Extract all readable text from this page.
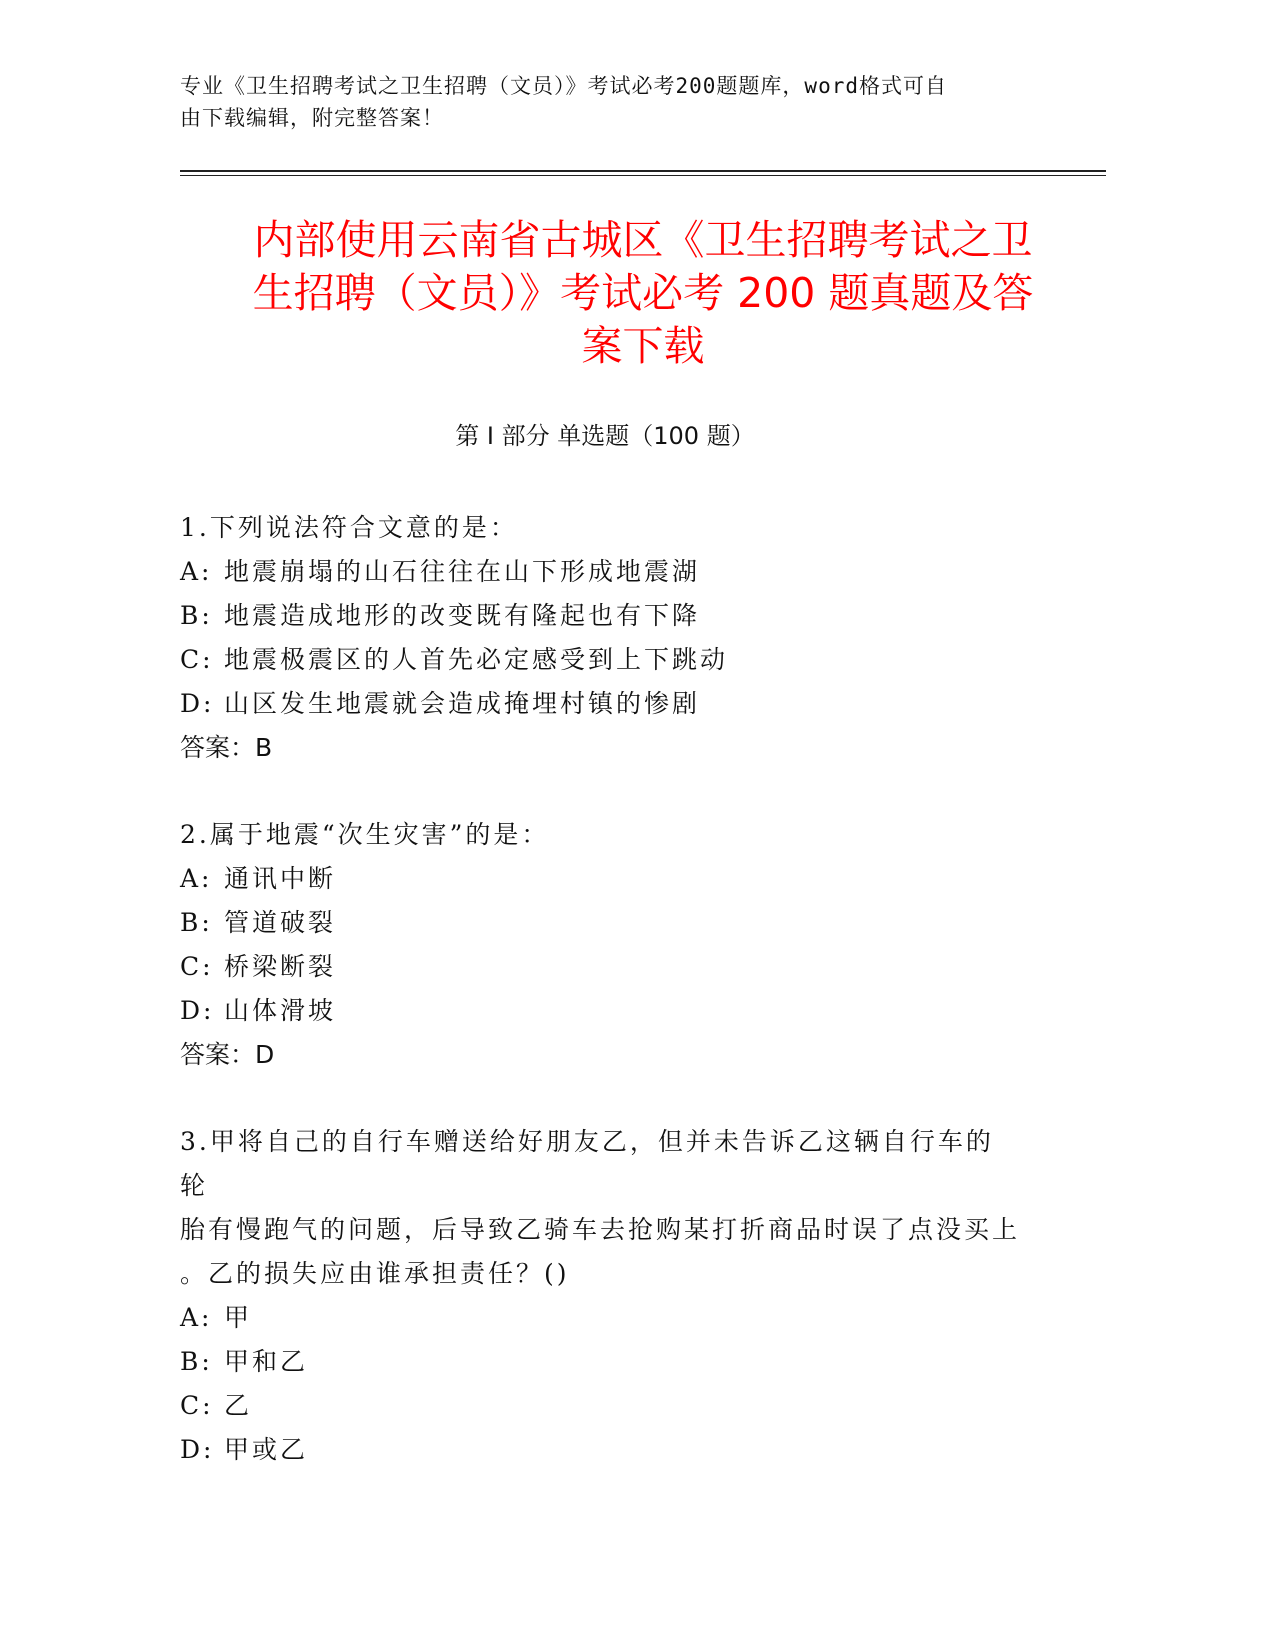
专业《卫生招聘考试之卫生招聘（文员）》考试必考200题题库，word格式可自
由下载编辑，附完整答案！
内部使用云南省古城区《卫生招聘考试之卫
生招聘（文员）》考试必考 200 题真题及答
案下载
第 I 部分 单选题（100 题）

1.下列说法符合文意的是：

A: 地震崩塌的山石往往在山下形成地震湖
B: 地震造成地形的改变既有隆起也有下降
C: 地震极震区的人首先必定感受到上下跳动
D: 山区发生地震就会造成掩埋村镇的惨剧
答案：B

2.属于地震“次生灾害”的是：

A: 通讯中断
B: 管道破裂
C: 桥梁断裂
D: 山体滑坡
答案：D
3.甲将自己的自行车赠送给好朋友乙，但并未告诉乙这辆自行车的轮
胎有慢跑气的问题，后导致乙骑车去抢购某打折商品时误了点没买上
。乙的损失应由谁承担责任？()
A: 甲
B: 甲和乙
C: 乙
D: 甲或乙
